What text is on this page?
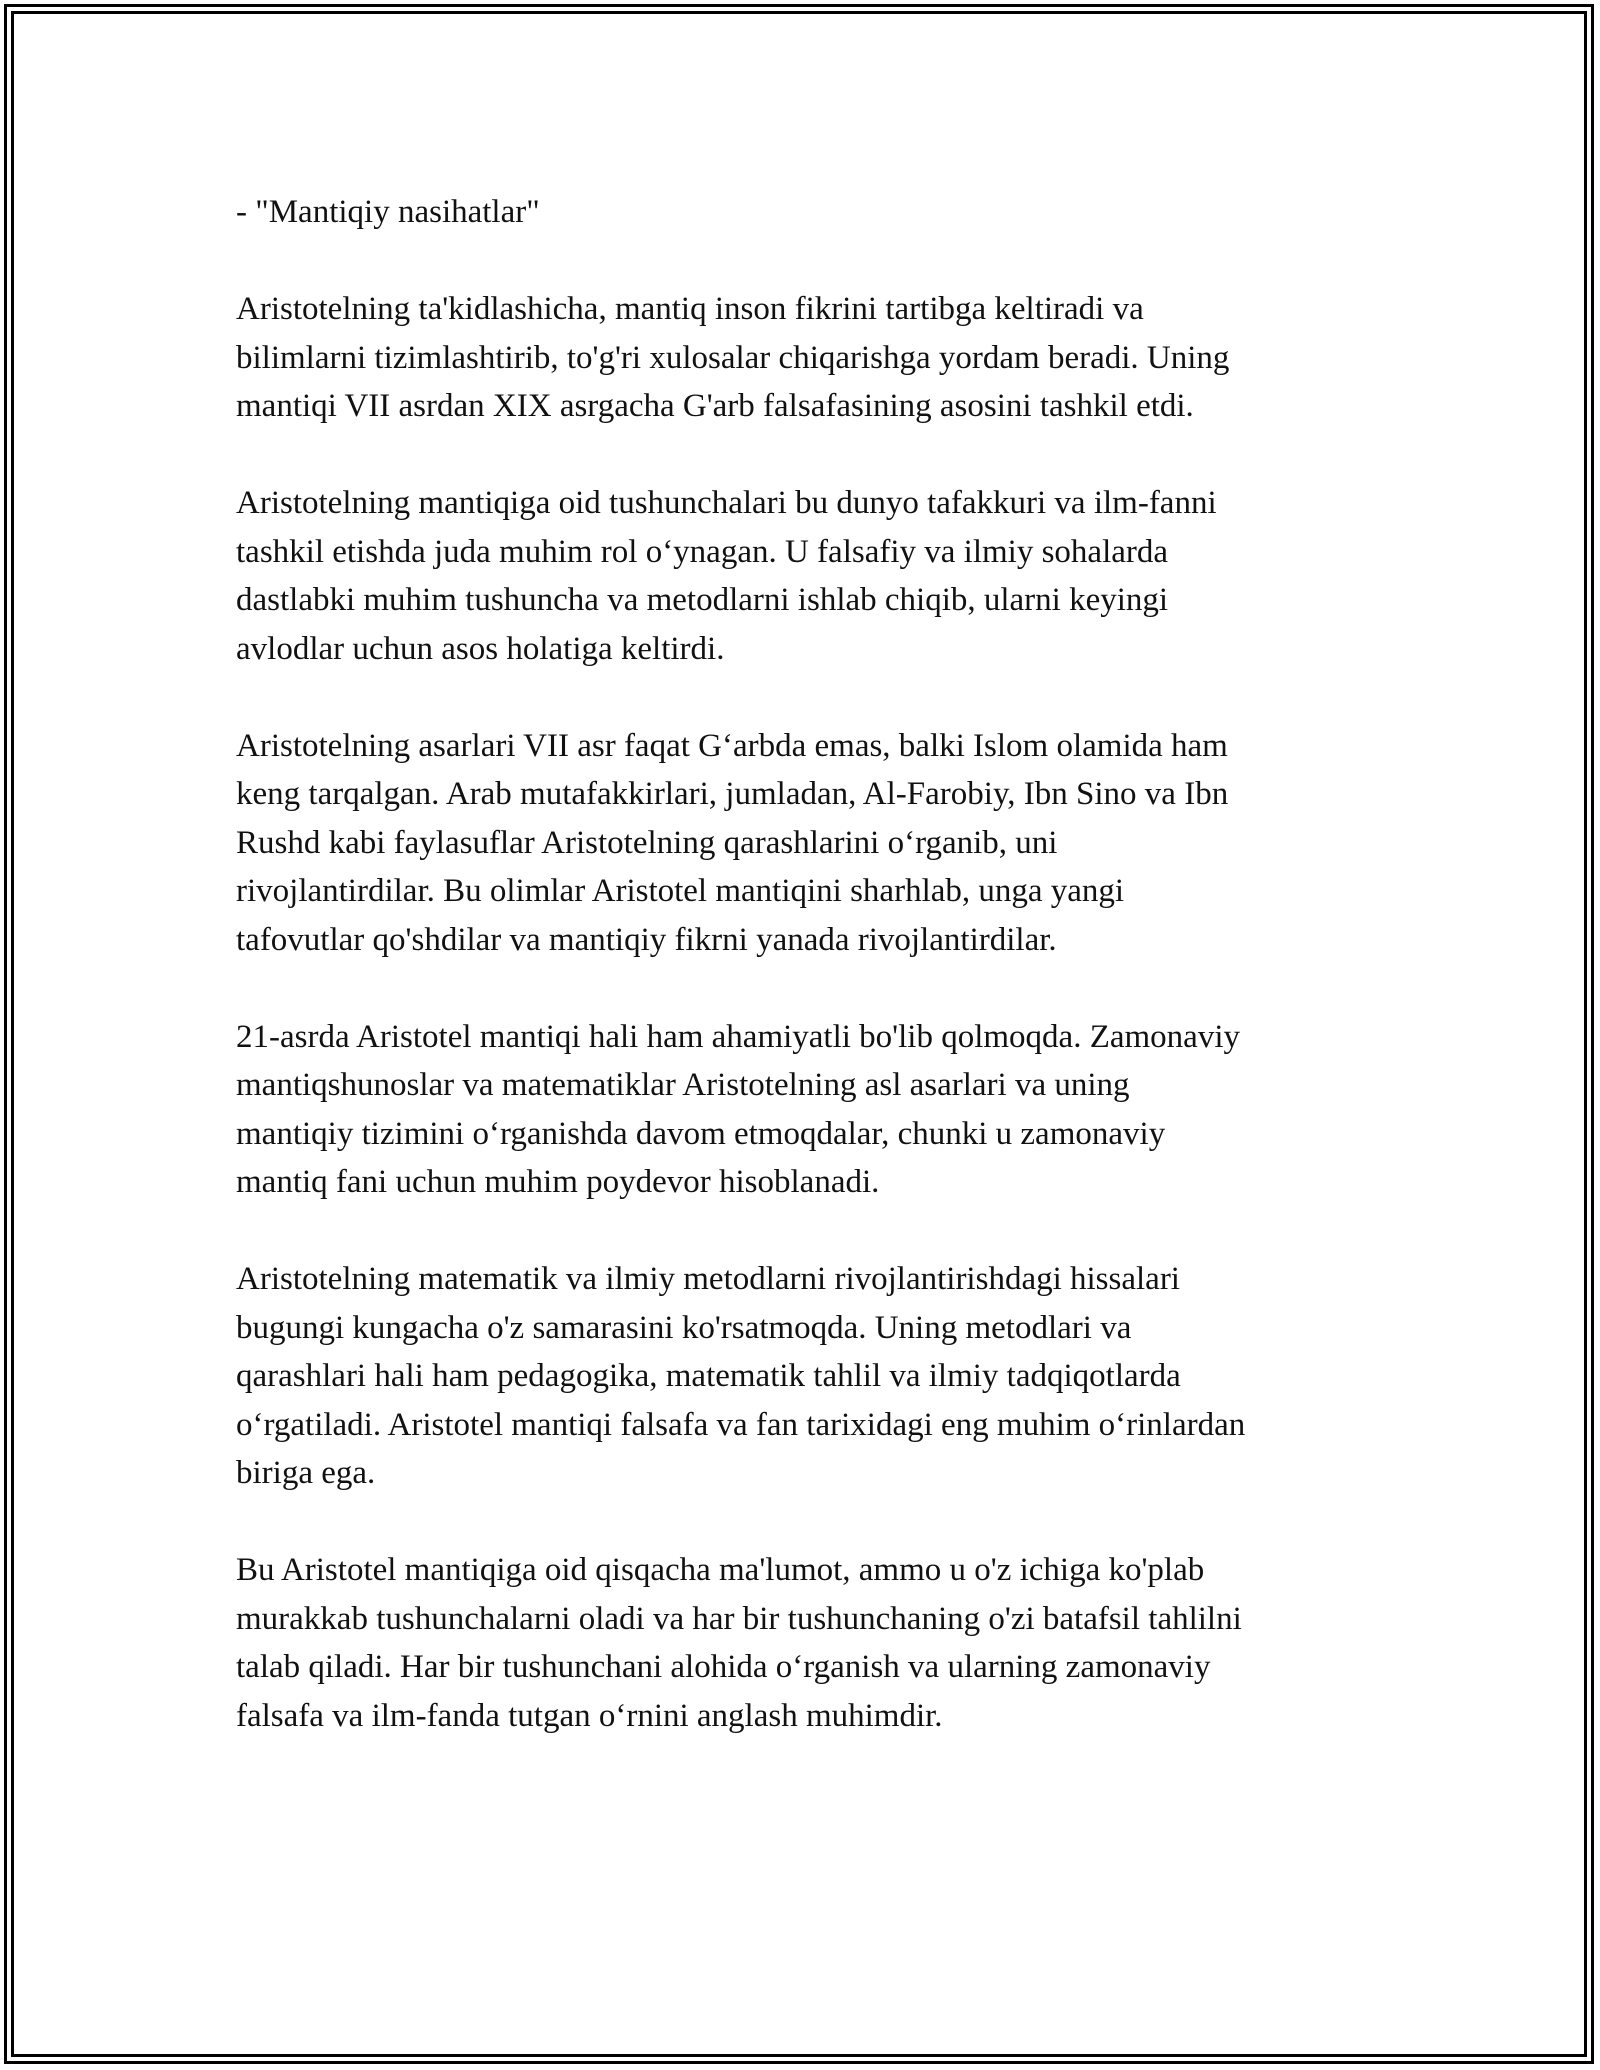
- "Mantiqiy nasihatlar"

Aristotelning ta'kidlashicha, mantiq inson fikrini tartibga keltiradi va
bilimlarni tizimlashtirib, to'g'ri xulosalar chiqarishga yordam beradi. Uning
mantiqi VII asrdan XIX asrgacha G'arb falsafasining asosini tashkil etdi.

Aristotelning mantiqiga oid tushunchalari bu dunyo tafakkuri va ilm-fanni
tashkil etishda juda muhim rol o‘ynagan. U falsafiy va ilmiy sohalarda
dastlabki muhim tushuncha va metodlarni ishlab chiqib, ularni keyingi
avlodlar uchun asos holatiga keltirdi.

Aristotelning asarlari VII asr faqat G‘arbda emas, balki Islom olamida ham
keng tarqalgan. Arab mutafakkirlari, jumladan, Al-Farobiy, Ibn Sino va Ibn
Rushd kabi faylasuflar Aristotelning qarashlarini o‘rganib, uni
rivojlantirdilar. Bu olimlar Aristotel mantiqini sharhlab, unga yangi
tafovutlar qo'shdilar va mantiqiy fikrni yanada rivojlantirdilar.

21-asrda Aristotel mantiqi hali ham ahamiyatli bo'lib qolmoqda. Zamonaviy
mantiqshunoslar va matematiklar Aristotelning asl asarlari va uning
mantiqiy tizimini o‘rganishda davom etmoqdalar, chunki u zamonaviy
mantiq fani uchun muhim poydevor hisoblanadi.

Aristotelning matematik va ilmiy metodlarni rivojlantirishdagi hissalari
bugungi kungacha o'z samarasini ko'rsatmoqda. Uning metodlari va
qarashlari hali ham pedagogika, matematik tahlil va ilmiy tadqiqotlarda
o‘rgatiladi. Aristotel mantiqi falsafa va fan tarixidagi eng muhim o‘rinlardan
biriga ega.

Bu Aristotel mantiqiga oid qisqacha ma'lumot, ammo u o'z ichiga ko'plab
murakkab tushunchalarni oladi va har bir tushunchaning o'zi batafsil tahlilni
talab qiladi. Har bir tushunchani alohida o‘rganish va ularning zamonaviy
falsafa va ilm-fanda tutgan o‘rnini anglash muhimdir.
